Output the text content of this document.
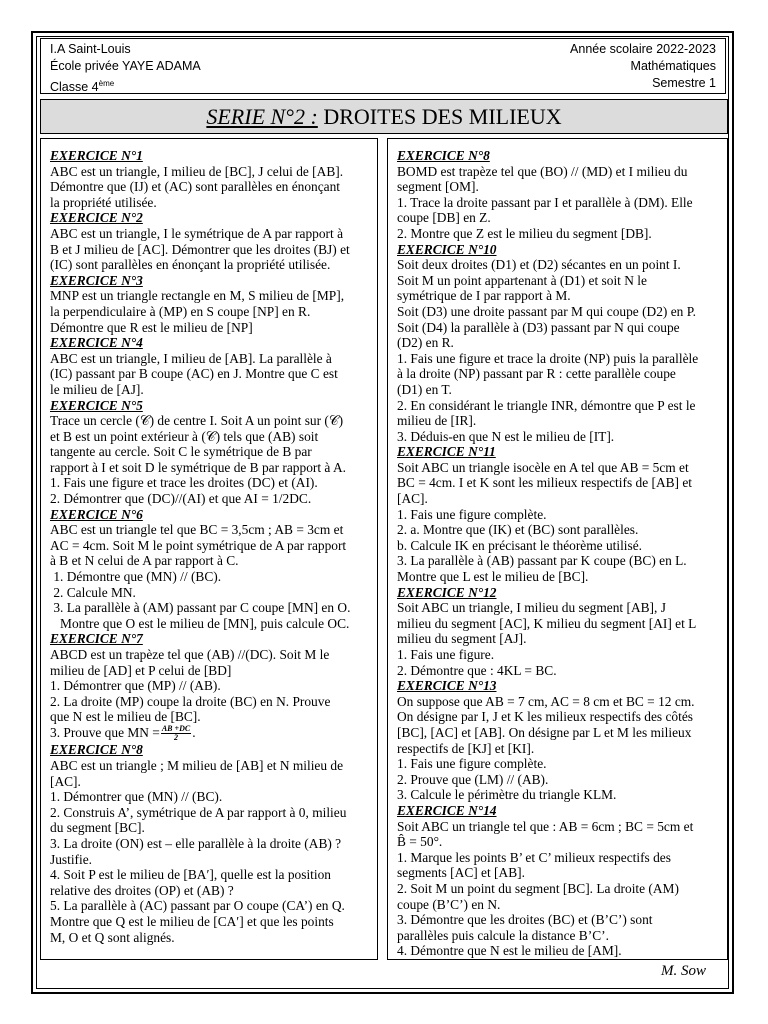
I.A Saint-Louis
École privée YAYE ADAMA
Classe 4ème
Année scolaire 2022-2023
Mathématiques
Semestre 1
SERIE N°2 : DROITES DES MILIEUX
EXERCICE N°1
ABC est un triangle, I milieu de [BC], J celui de [AB].
Démontre que (IJ) et (AC) sont parallèles en énonçant
la propriété utilisée.
EXERCICE N°2
ABC est un triangle, I le symétrique de A par rapport à
B et J milieu de [AC]. Démontrer que les droites (BJ) et
(IC) sont parallèles en énonçant la propriété utilisée.
EXERCICE N°3
MNP est un triangle rectangle en M, S milieu de [MP],
la perpendiculaire à (MP) en S coupe [NP] en R.
Démontre que R est le milieu de [NP]
EXERCICE N°4
ABC est un triangle, I milieu de [AB]. La parallèle à
(IC) passant par B coupe (AC) en J. Montre que C est
le milieu de [AJ].
EXERCICE N°5
Trace un cercle (𝒞) de centre I. Soit A un point sur (𝒞)
et B est un point extérieur à (𝒞) tels que (AB) soit
tangente au cercle. Soit C le symétrique de B par
rapport à I et soit D le symétrique de B par rapport à A.
1. Fais une figure et trace les droites (DC) et (AI).
2. Démontrer que (DC)//(AI) et que AI = 1/2DC.
EXERCICE N°6
ABC est un triangle tel que BC = 3,5cm ; AB = 3cm et
AC = 4cm. Soit M le point symétrique de A par rapport
à B et N celui de A par rapport à C.
1. Démontre que (MN) // (BC).
2. Calcule MN.
3. La parallèle à (AM) passant par C coupe [MN] en O.
Montre que O est le milieu de [MN], puis calcule OC.
EXERCICE N°7
ABCD est un trapèze tel que (AB) //(DC). Soit M le
milieu de [AD] et P celui de [BD]
1. Démontrer que (MP) // (AB).
2. La droite (MP) coupe la droite (BC) en N. Prouve
que N est le milieu de [BC].
3. Prouve que MN = $\frac{AB +DC}{2}$ .
EXERCICE N°8
ABC est un triangle ; M milieu de [AB] et N milieu de
[AC].
1. Démontrer que (MN) // (BC).
2. Construis A’, symétrique de A par rapport à 0, milieu
du segment [BC].
3. La droite (ON) est – elle parallèle à la droite (AB) ?
Justifie.
4. Soit P est le milieu de [BA′], quelle est la position
relative des droites (OP) et (AB) ?
5. La parallèle à (AC) passant par O coupe (CA’) en Q.
Montre que Q est le milieu de [CA′] et que les points
M, O et Q sont alignés.
EXERCICE N°8
BOMD est trapèze tel que (BO) // (MD) et I milieu du
segment [OM].
1. Trace la droite passant par I et parallèle à (DM). Elle
coupe [DB] en Z.
2. Montre que Z est le milieu du segment [DB].
EXERCICE N°10
Soit deux droites (D1) et (D2) sécantes en un point I.
Soit M un point appartenant à (D1) et soit N le
symétrique de I par rapport à M.
Soit (D3) une droite passant par M qui coupe (D2) en P.
Soit (D4) la parallèle à (D3) passant par N qui coupe
(D2) en R.
1. Fais une figure et trace la droite (NP) puis la parallèle
à la droite (NP) passant par R : cette parallèle coupe
(D1) en T.
2. En considérant le triangle INR, démontre que P est le
milieu de [IR].
3. Déduis-en que N est le milieu de [IT].
EXERCICE N°11
Soit ABC un triangle isocèle en A tel que AB = 5cm et
BC = 4cm. I et K sont les milieux respectifs de [AB] et
[AC].
1. Fais une figure complète.
2. a. Montre que (IK) et (BC) sont parallèles.
b. Calcule IK en précisant le théorème utilisé.
3. La parallèle à (AB) passant par K coupe (BC) en L.
Montre que L est le milieu de [BC].
EXERCICE N°12
Soit ABC un triangle, I milieu du segment [AB], J
milieu du segment [AC], K milieu du segment [AI] et L
milieu du segment [AJ].
1. Fais une figure.
2. Démontre que : 4KL = BC.
EXERCICE N°13
On suppose que AB = 7 cm, AC = 8 cm et BC = 12 cm.
On désigne par I, J et K les milieux respectifs des côtés
[BC], [AC] et [AB]. On désigne par L et M les milieux
respectifs de [KJ] et [KI].
1. Fais une figure complète.
2. Prouve que (LM) // (AB).
3. Calcule le périmètre du triangle KLM.
EXERCICE N°14
Soit ABC un triangle tel que : AB = 6cm ; BC = 5cm et
B̂ = 50°.
1. Marque les points B’ et C’ milieux respectifs des
segments [AC] et [AB].
2. Soit M un point du segment [BC]. La droite (AM)
coupe (B’C’) en N.
3. Démontre que les droites (BC) et (B’C’) sont
parallèles puis calcule la distance B’C’.
4. Démontre que N est le milieu de [AM].
M. Sow
